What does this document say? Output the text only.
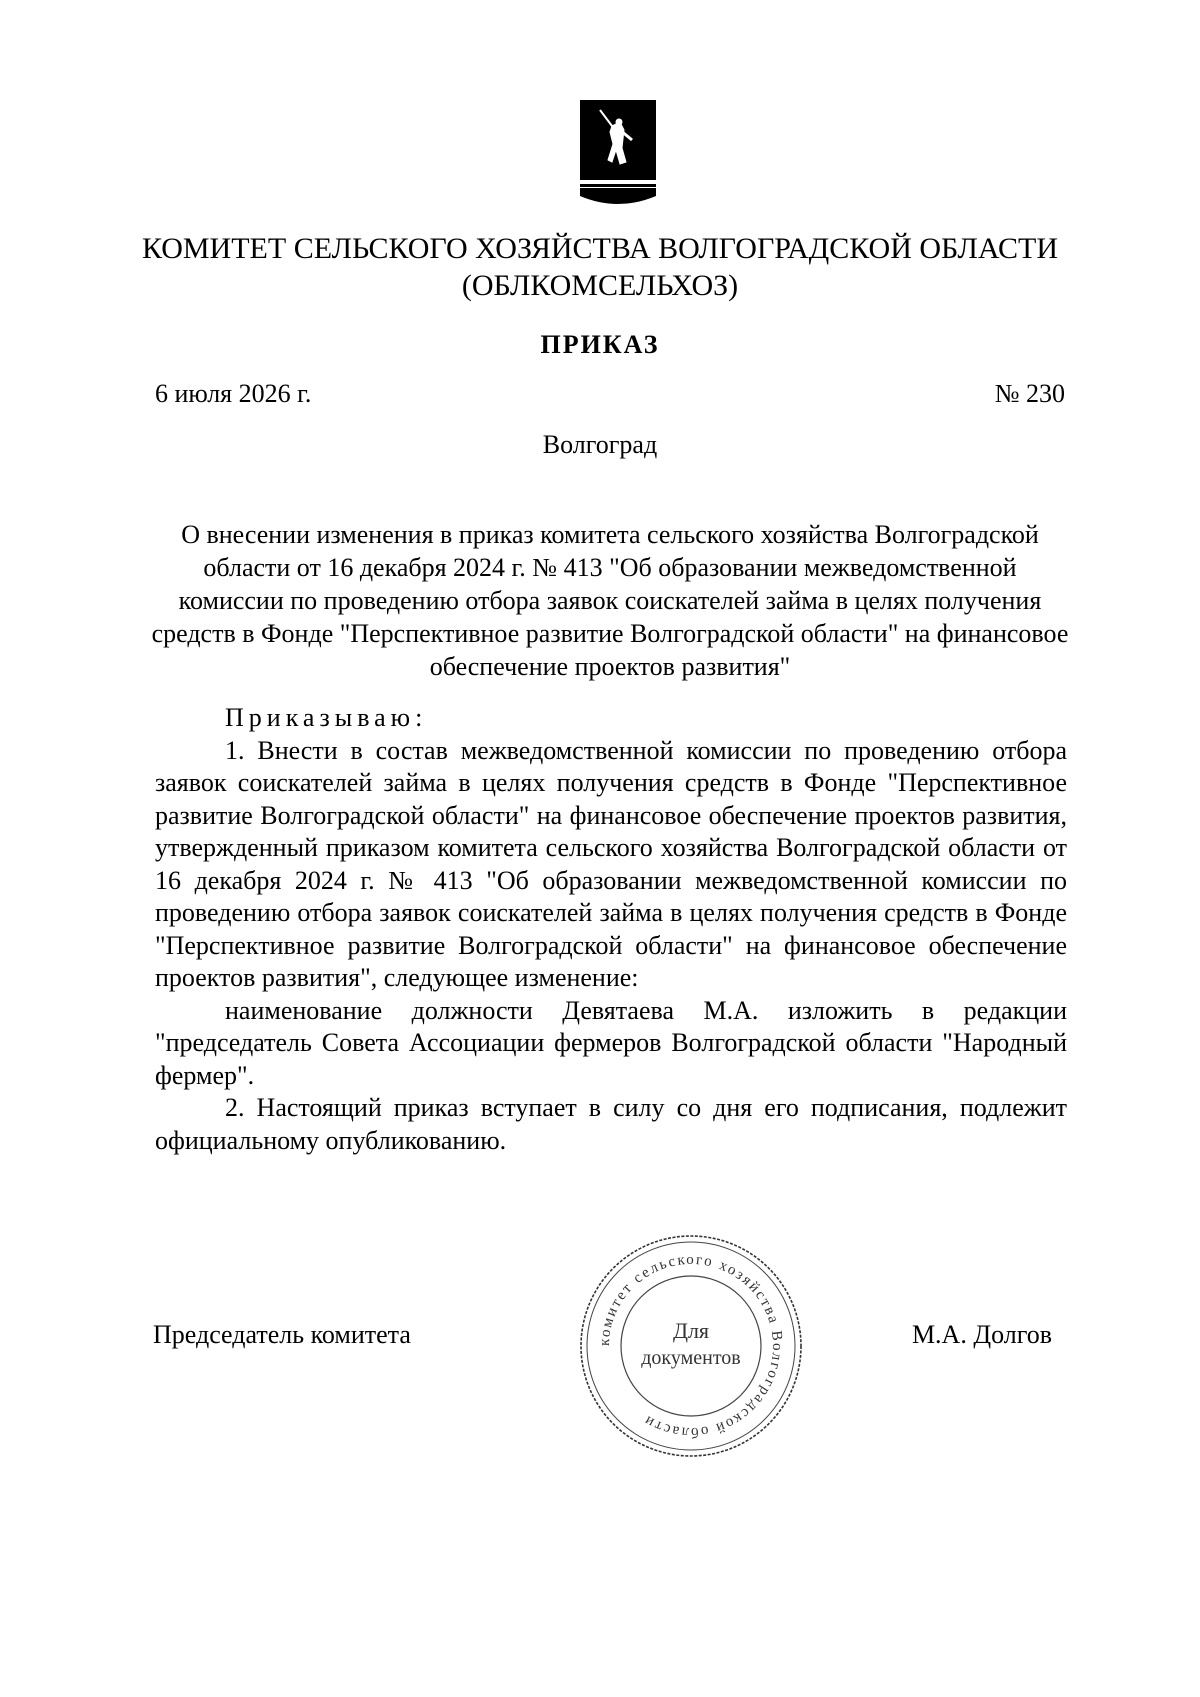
КОМИТЕТ СЕЛЬСКОГО ХОЗЯЙСТВА ВОЛГОГРАДСКОЙ ОБЛАСТИ
(ОБЛКОМСЕЛЬХОЗ)
ПРИКАЗ
6 июля 2026 г.	№ 230
Волгоград
О внесении изменения в приказ комитета сельского хозяйства Волгоградской области от 16 декабря 2024 г. № 413 "Об образовании межведомственной комиссии по проведению отбора заявок соискателей займа в целях получения средств в Фонде "Перспективное развитие Волгоградской области" на финансовое обеспечение проектов развития"

Приказываю:

1. Внести в состав межведомственной комиссии по проведению отбора заявок соискателей займа в целях получения средств в Фонде "Перспективное развитие Волгоградской области" на финансовое обеспечение проектов развития, утвержденный приказом комитета сельского хозяйства Волгоградской области от 16 декабря 2024 г. № 413 "Об образовании межведомственной комиссии по проведению отбора заявок соискателей займа в целях получения средств в Фонде "Перспективное развитие Волгоградской области" на финансовое обеспечение проектов развития", следующее изменение:

наименование должности Девятаева М.А. изложить в редакции "председатель Совета Ассоциации фермеров Волгоградской области "Народный фермер".

2. Настоящий приказ вступает в силу со дня его подписания, подлежит официальному опубликованию.

Председатель комитета	М.А. Долгов
комитет сельского хозяйства Волгоградской области
Для
документов
